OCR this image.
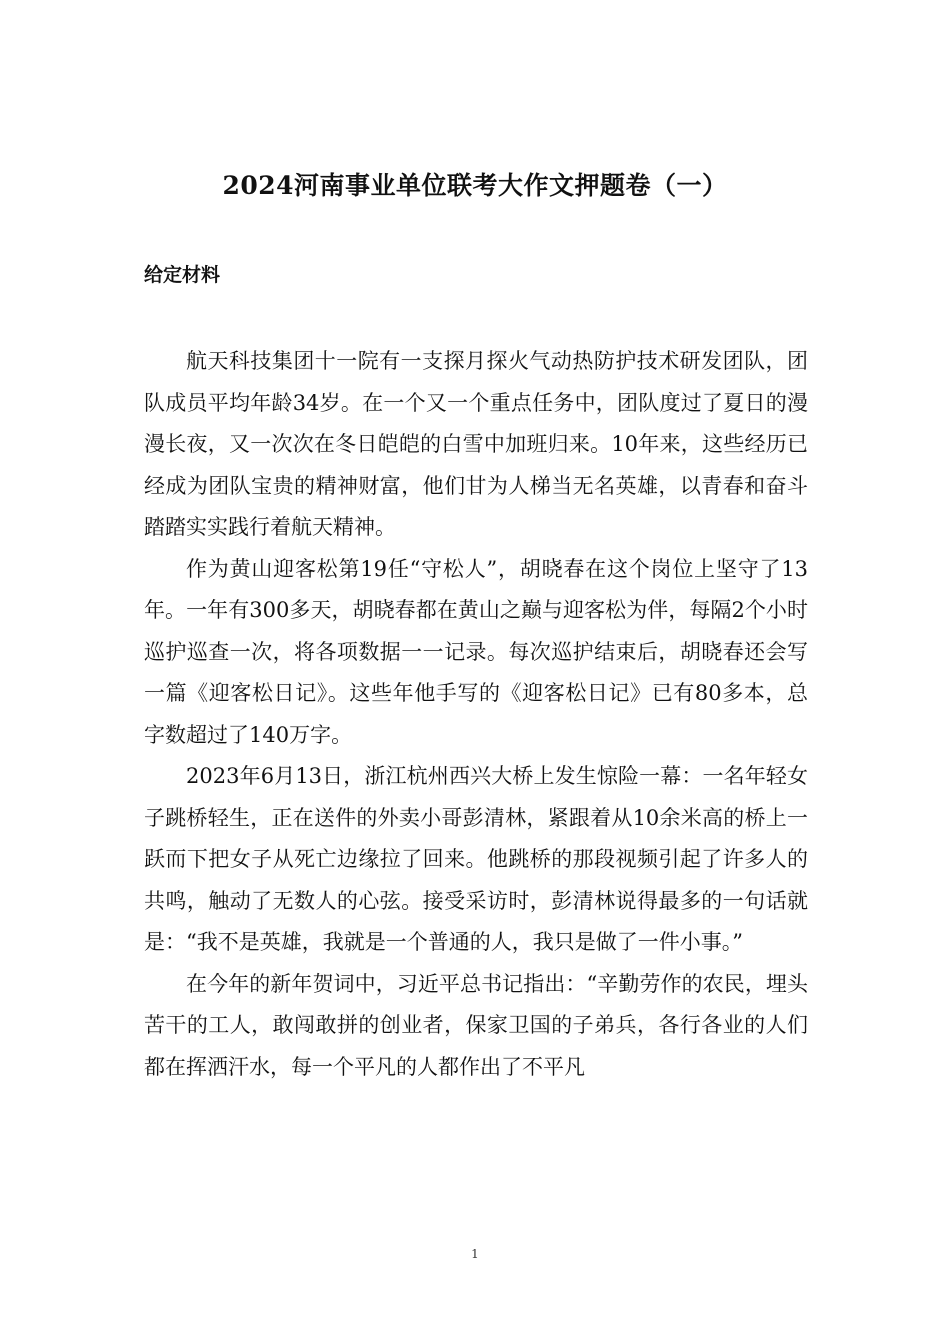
2024河南事业单位联考大作文押题卷（一）
给定材料

航天科技集团十一院有一支探月探火气动热防护技术研发团队，团队成员平均年龄34岁。在一个又一个重点任务中，团队度过了夏日的漫漫长夜，又一次次在冬日皑皑的白雪中加班归来。10年来，这些经历已经成为团队宝贵的精神财富，他们甘为人梯当无名英雄，以青春和奋斗踏踏实实践行着航天精神。

作为黄山迎客松第19任“守松人”，胡晓春在这个岗位上坚守了13年。一年有300多天，胡晓春都在黄山之巅与迎客松为伴，每隔2个小时巡护巡查一次，将各项数据一一记录。每次巡护结束后，胡晓春还会写一篇《迎客松日记》。这些年他手写的《迎客松日记》已有80多本，总字数超过了140万字。

2023年6月13日，浙江杭州西兴大桥上发生惊险一幕：一名年轻女子跳桥轻生，正在送件的外卖小哥彭清林，紧跟着从10余米高的桥上一跃而下把女子从死亡边缘拉了回来。他跳桥的那段视频引起了许多人的共鸣，触动了无数人的心弦。接受采访时，彭清林说得最多的一句话就是：“我不是英雄，我就是一个普通的人，我只是做了一件小事。”

在今年的新年贺词中，习近平总书记指出：“辛勤劳作的农民，埋头苦干的工人，敢闯敢拼的创业者，保家卫国的子弟兵，各行各业的人们都在挥洒汗水，每一个平凡的人都作出了不平凡

1
